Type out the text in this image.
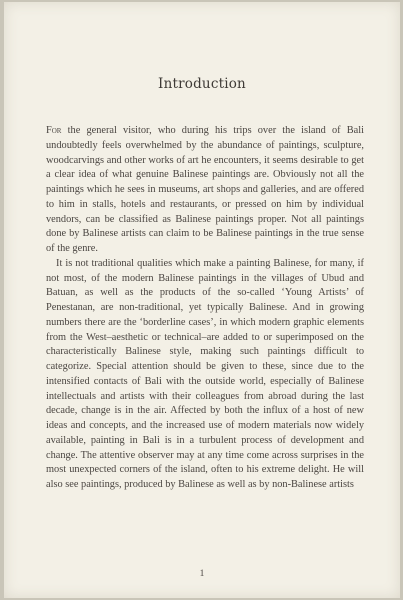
Introduction

For the general visitor, who during his trips over the island of Bali undoubtedly feels overwhelmed by the abundance of paintings, sculpture, woodcarvings and other works of art he encounters, it seems desirable to get a clear idea of what genuine Balinese paintings are. Obviously not all the paintings which he sees in museums, art shops and galleries, and are offered to him in stalls, hotels and restaurants, or pressed on him by individual vendors, can be classified as Balinese paintings proper. Not all paintings done by Balinese artists can claim to be Balinese paintings in the true sense of the genre.

It is not traditional qualities which make a painting Balinese, for many, if not most, of the modern Balinese paintings in the villages of Ubud and Batuan, as well as the products of the so-called ‘Young Artists’ of Penestanan, are non-traditional, yet typically Balinese. And in growing numbers there are the ‘borderline cases’, in which modern graphic elements from the West–aesthetic or technical–are added to or superimposed on the characteristically Balinese style, making such paintings difficult to categorize. Special attention should be given to these, since due to the intensified contacts of Bali with the outside world, especially of Balinese intellectuals and artists with their colleagues from abroad during the last decade, change is in the air. Affected by both the influx of a host of new ideas and concepts, and the increased use of modern materials now widely available, painting in Bali is in a turbulent process of development and change. The attentive observer may at any time come across surprises in the most unexpected corners of the island, often to his extreme delight. He will also see paintings, produced by Balinese as well as by non-Balinese artists

1
